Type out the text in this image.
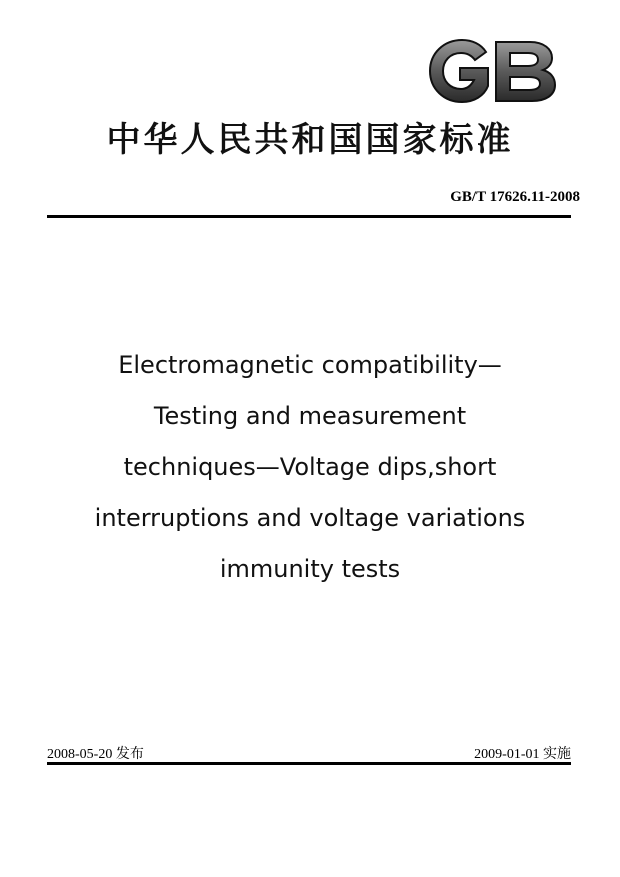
中华人民共和国国家标准
GB/T 17626.11-2008
Electromagnetic compatibility—
Testing and measurement
techniques—Voltage dips,short
interruptions and voltage variations
immunity tests
2008-05-20 发布	2009-01-01 实施
